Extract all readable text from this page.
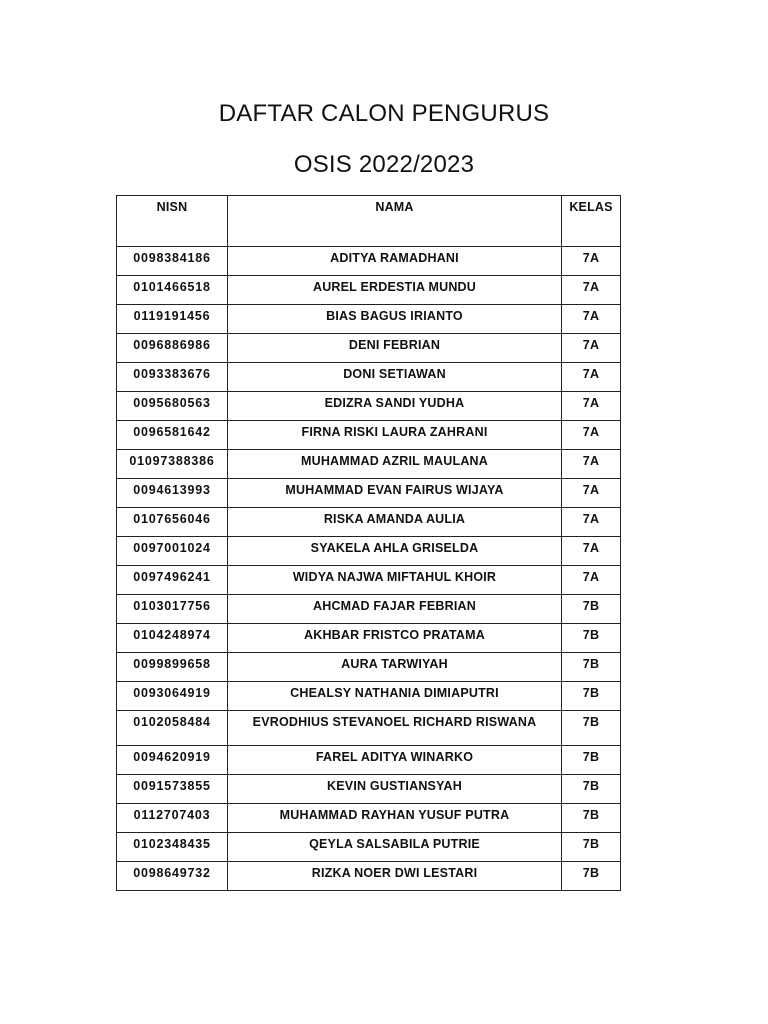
DAFTAR CALON PENGURUS
OSIS 2022/2023
NISN	NAMA	KELAS
0098384186	ADITYA RAMADHANI	7A
0101466518	AUREL ERDESTIA MUNDU	7A
0119191456	BIAS BAGUS IRIANTO	7A
0096886986	DENI FEBRIAN	7A
0093383676	DONI SETIAWAN	7A
0095680563	EDIZRA SANDI YUDHA	7A
0096581642	FIRNA RISKI LAURA ZAHRANI	7A
01097388386	MUHAMMAD AZRIL MAULANA	7A
0094613993	MUHAMMAD EVAN FAIRUS WIJAYA	7A
0107656046	RISKA AMANDA AULIA	7A
0097001024	SYAKELA AHLA GRISELDA	7A
0097496241	WIDYA NAJWA MIFTAHUL KHOIR	7A
0103017756	AHCMAD FAJAR FEBRIAN	7B
0104248974	AKHBAR FRISTCO PRATAMA	7B
0099899658	AURA TARWIYAH	7B
0093064919	CHEALSY NATHANIA DIMIAPUTRI	7B
0102058484	EVRODHIUS STEVANOEL RICHARD RISWANA	7B
0094620919	FAREL ADITYA WINARKO	7B
0091573855	KEVIN GUSTIANSYAH	7B
0112707403	MUHAMMAD RAYHAN YUSUF PUTRA	7B
0102348435	QEYLA SALSABILA PUTRIE	7B
0098649732	RIZKA NOER DWI LESTARI	7B
